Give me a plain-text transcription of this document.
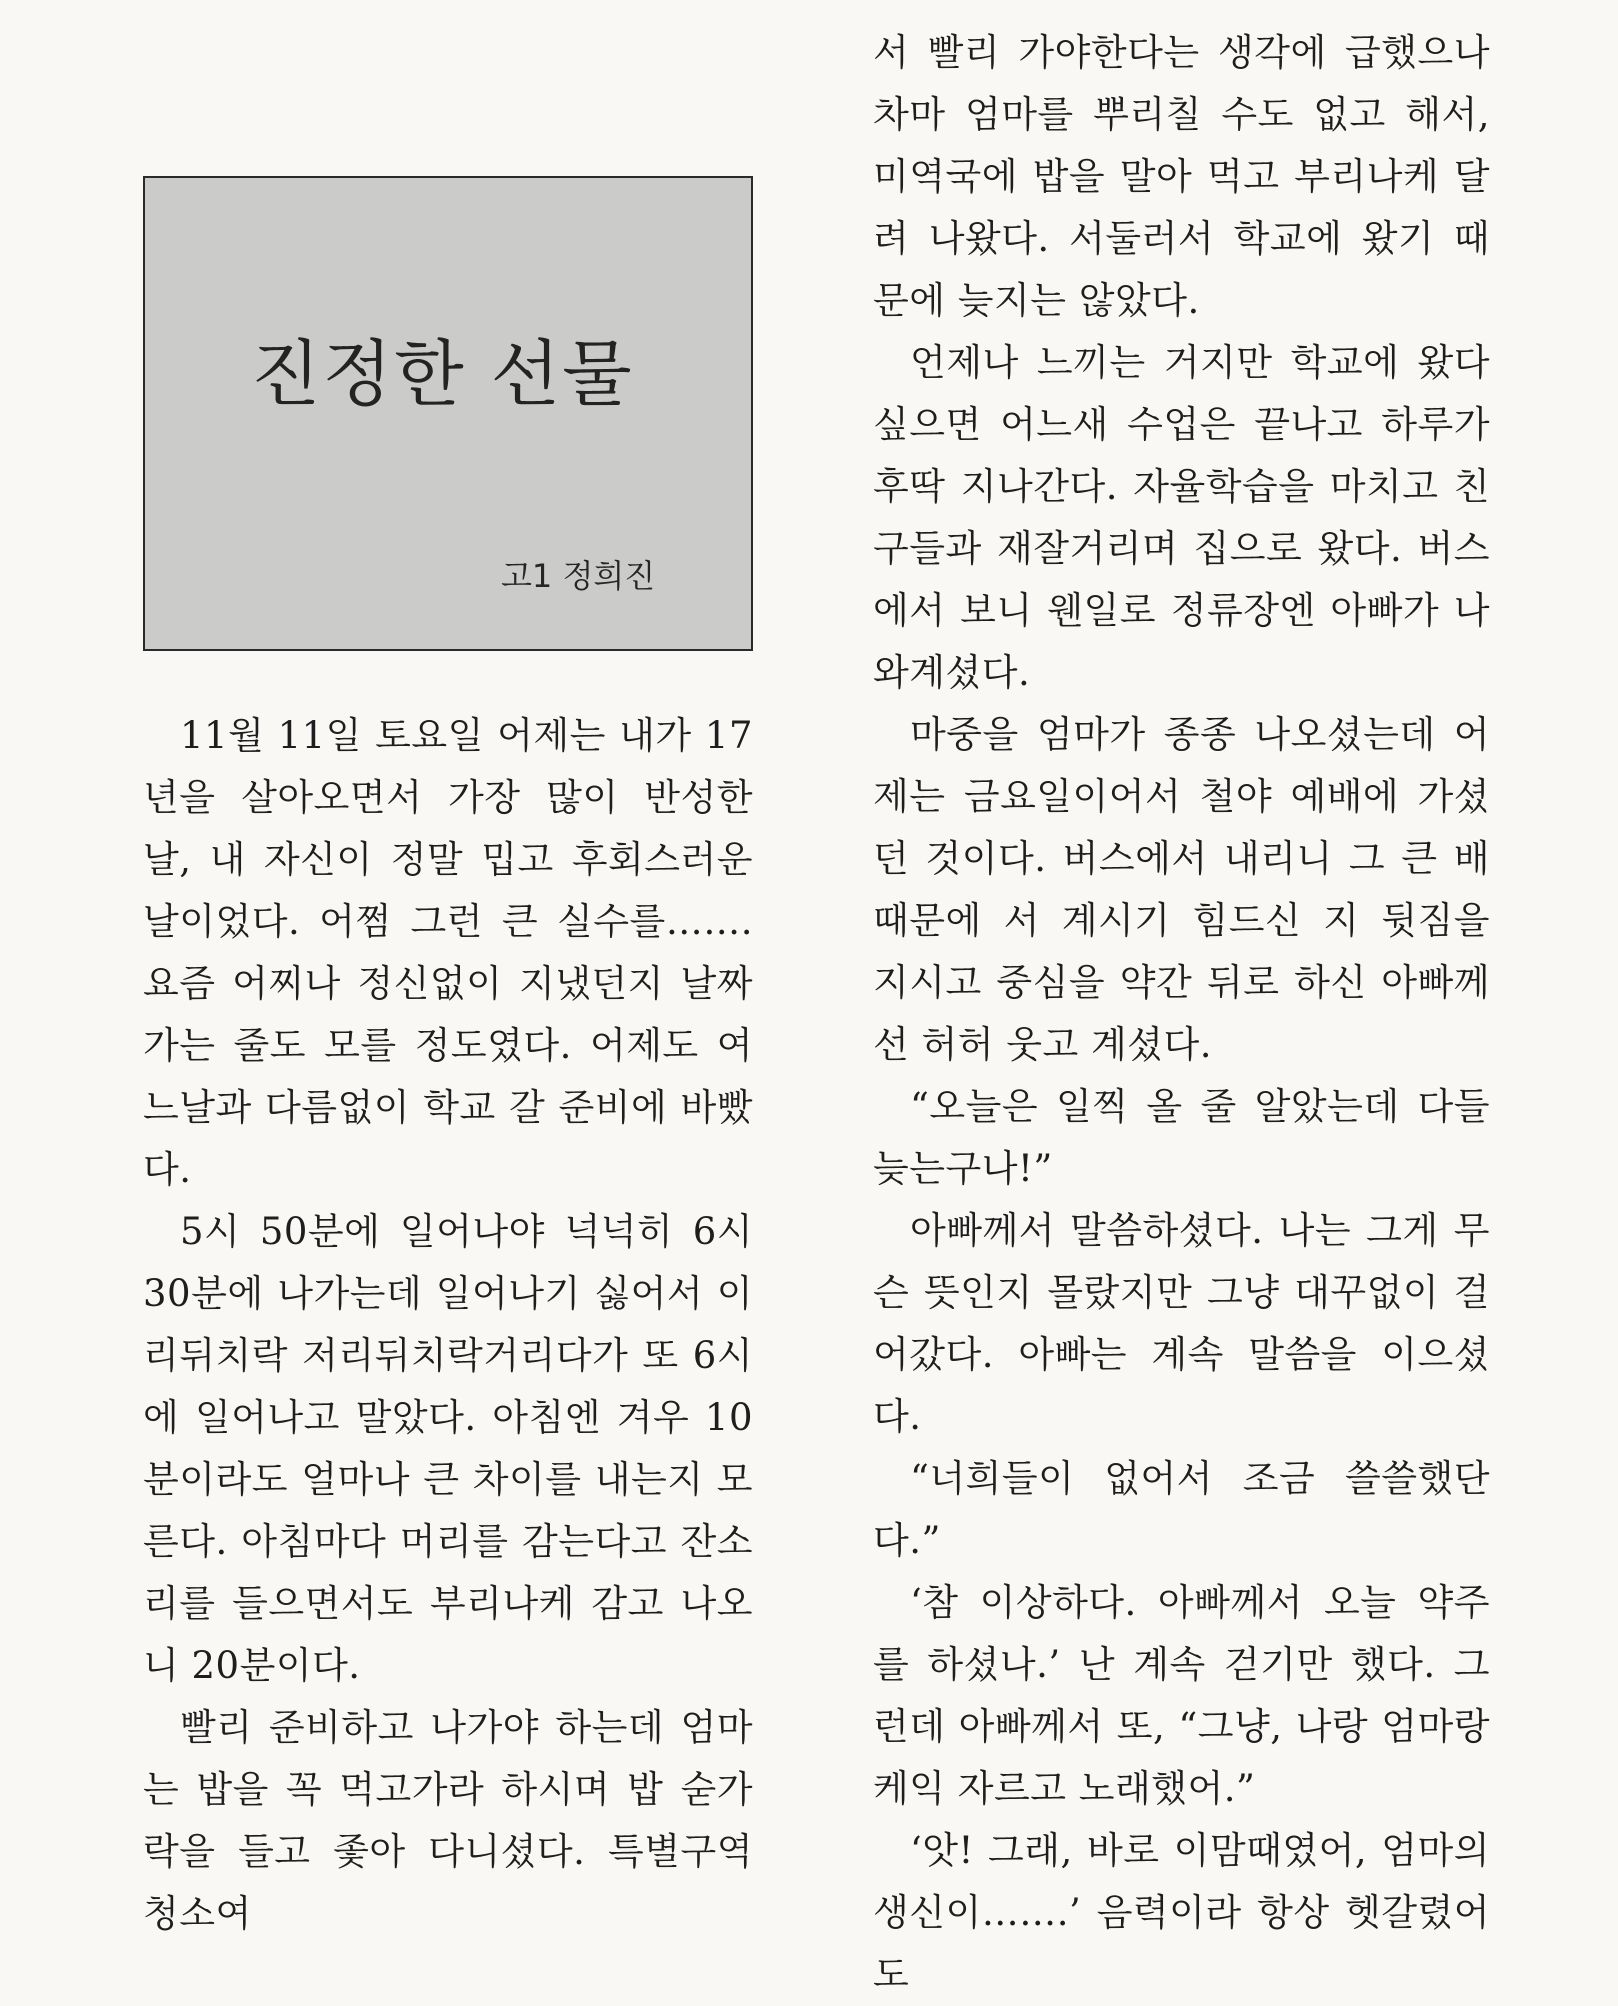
진정한 선물
고1 정희진

11월 11일 토요일 어제는 내가 17년을 살아오면서 가장 많이 반성한 날, 내 자신이 정말 밉고 후회스러운 날이었다. 어쩜 그런 큰 실수를……. 요즘 어찌나 정신없이 지냈던지 날짜 가는 줄도 모를 정도였다. 어제도 여느날과 다름없이 학교 갈 준비에 바빴다.

5시 50분에 일어나야 넉넉히 6시 30분에 나가는데 일어나기 싫어서 이리뒤치락 저리뒤치락거리다가 또 6시에 일어나고 말았다. 아침엔 겨우 10분이라도 얼마나 큰 차이를 내는지 모른다. 아침마다 머리를 감는다고 잔소리를 들으면서도 부리나케 감고 나오니 20분이다.

빨리 준비하고 나가야 하는데 엄마는 밥을 꼭 먹고가라 하시며 밥 숟가락을 들고 좇아 다니셨다. 특별구역 청소여

서 빨리 가야한다는 생각에 급했으나 차마 엄마를 뿌리칠 수도 없고 해서, 미역국에 밥을 말아 먹고 부리나케 달려 나왔다. 서둘러서 학교에 왔기 때문에 늦지는 않았다.

언제나 느끼는 거지만 학교에 왔다 싶으면 어느새 수업은 끝나고 하루가 후딱 지나간다. 자율학습을 마치고 친구들과 재잘거리며 집으로 왔다. 버스에서 보니 웬일로 정류장엔 아빠가 나와계셨다.

마중을 엄마가 종종 나오셨는데 어제는 금요일이어서 철야 예배에 가셨던 것이다. 버스에서 내리니 그 큰 배때문에 서 계시기 힘드신 지 뒷짐을 지시고 중심을 약간 뒤로 하신 아빠께선 허허 웃고 계셨다.

“오늘은 일찍 올 줄 알았는데 다들 늦는구나!”

아빠께서 말씀하셨다. 나는 그게 무슨 뜻인지 몰랐지만 그냥 대꾸없이 걸어갔다. 아빠는 계속 말씀을 이으셨다.

“너희들이 없어서 조금 쓸쓸했단다.”

‘참 이상하다. 아빠께서 오늘 약주를 하셨나.’ 난 계속 걷기만 했다. 그런데 아빠께서 또, “그냥, 나랑 엄마랑 케익 자르고 노래했어.”

‘앗! 그래, 바로 이맘때였어, 엄마의 생신이…….’ 음력이라 항상 헷갈렸어도
